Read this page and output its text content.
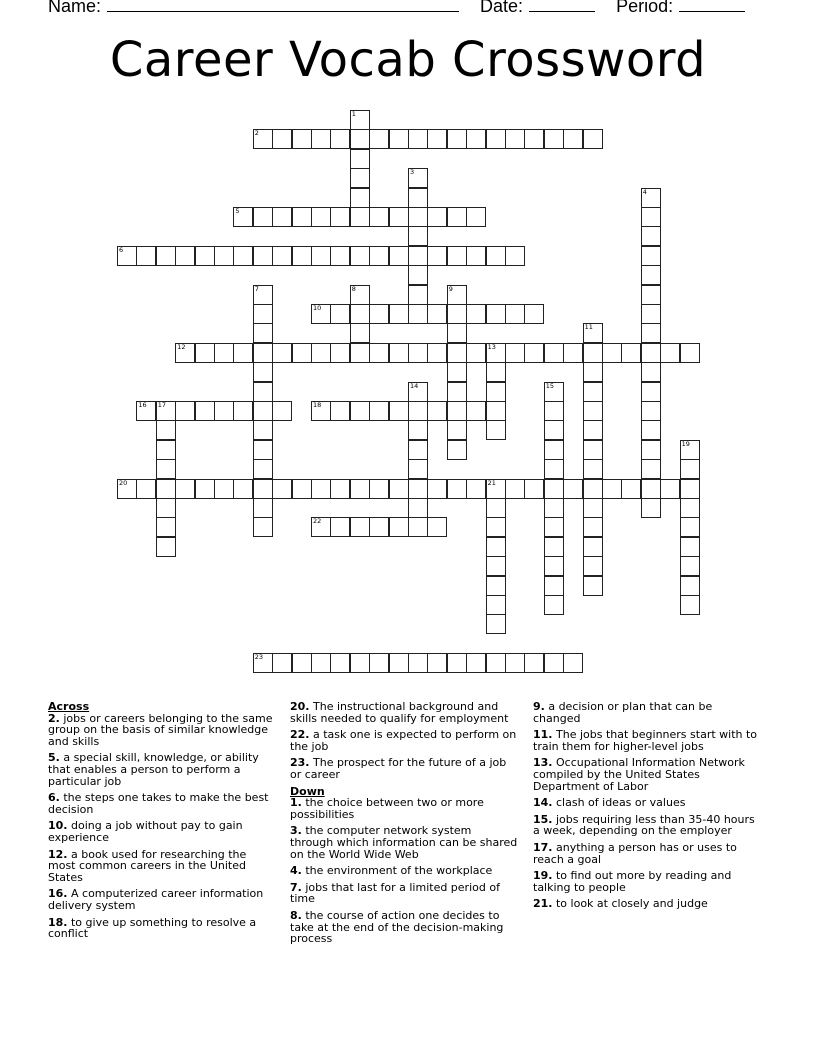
Name:	Date:	Period:
Career Vocab Crossword
1
2
3
4
5
6
7	8	9
10
11
12	13
14	15
16 17	18
19
20	21
22
23
Across
2. jobs or careers belonging to the same group on the basis of similar knowledge and skills
5. a special skill, knowledge, or ability that enables a person to perform a particular job
6. the steps one takes to make the best decision
10. doing a job without pay to gain experience
12. a book used for researching the most common careers in the United States
16. A computerized career information delivery system
18. to give up something to resolve a conflict
20. The instructional background and skills needed to qualify for employment
22. a task one is expected to perform on the job
23. The prospect for the future of a job or career
Down
1. the choice between two or more possibilities
3. the computer network system through which information can be shared on the World Wide Web
4. the environment of the workplace
7. jobs that last for a limited period of time
8. the course of action one decides to take at the end of the decision-making process
9. a decision or plan that can be changed
11. The jobs that beginners start with to train them for higher-level jobs
13. Occupational Information Network compiled by the United States Department of Labor
14. clash of ideas or values
15. jobs requiring less than 35-40 hours a week, depending on the employer
17. anything a person has or uses to reach a goal
19. to find out more by reading and talking to people
21. to look at closely and judge
